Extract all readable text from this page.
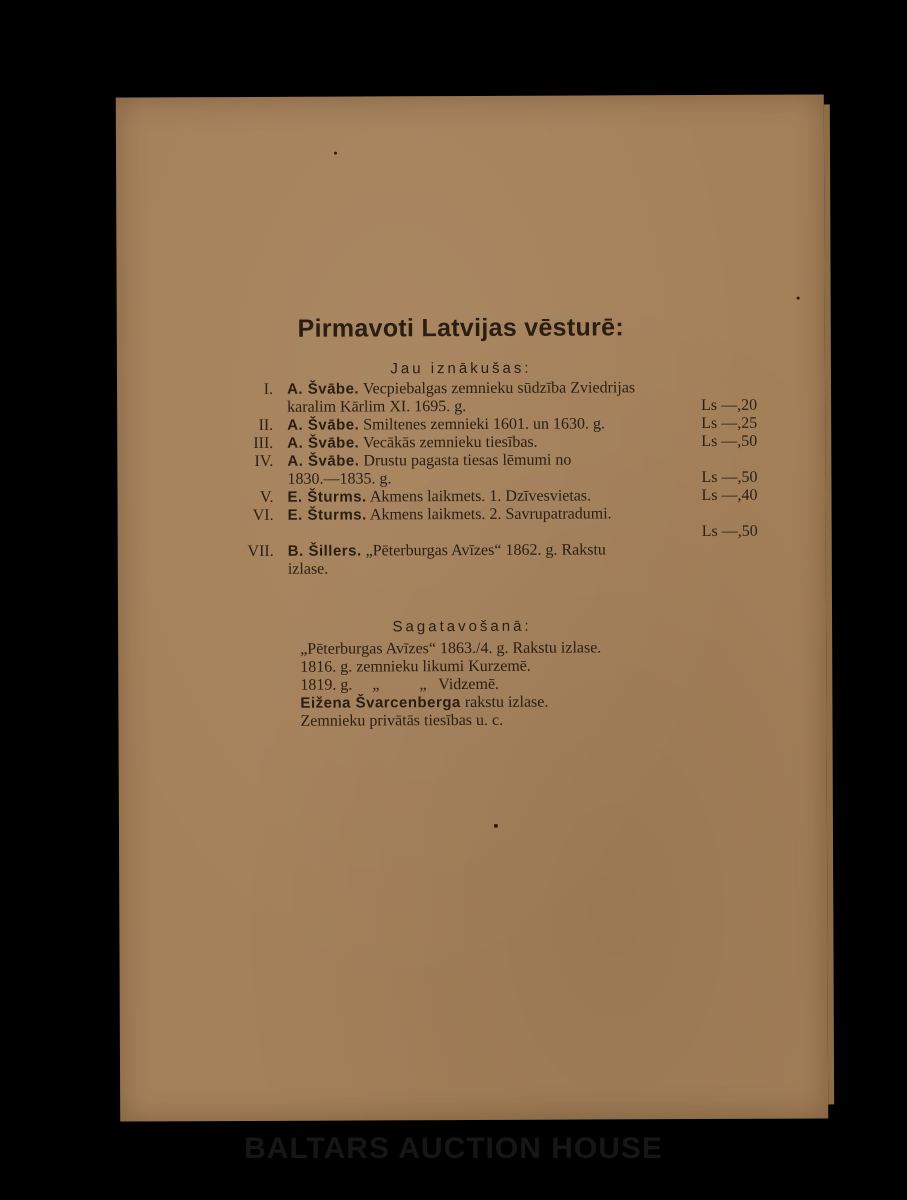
Pirmavoti Latvijas vēsturē:
Jau iznākušas:
I. A. Švābe. Vecpiebalgas zemnieku sūdzība Zviedrijas
karalim Kārlim XI. 1695. g.	Ls —,20
II. A. Švābe. Smiltenes zemnieki 1601. un 1630. g.	Ls —,25
III. A. Švābe. Vecākās zemnieku tiesības.	Ls —,50
IV. A. Švābe. Drustu pagasta tiesas lēmumi no
1830.—1835. g.	Ls —,50
V. E. Šturms. Akmens laikmets. 1. Dzīvesvietas.	Ls —,40
VI. E. Šturms. Akmens laikmets. 2. Savrupatradumi.
Ls —,50
VII. B. Šillers. „Pēterburgas Avīzes“ 1862. g. Rakstu
izlase.
Sagatavošanā:
„Pēterburgas Avīzes“ 1863./4. g. Rakstu izlase.
1816. g. zemnieku likumi Kurzemē.
1819. g.     „          „   Vidzemē.
Eižena Švarcenberga rakstu izlase.
Zemnieku privātās tiesības u. c.
BALTARS AUCTION HOUSE
